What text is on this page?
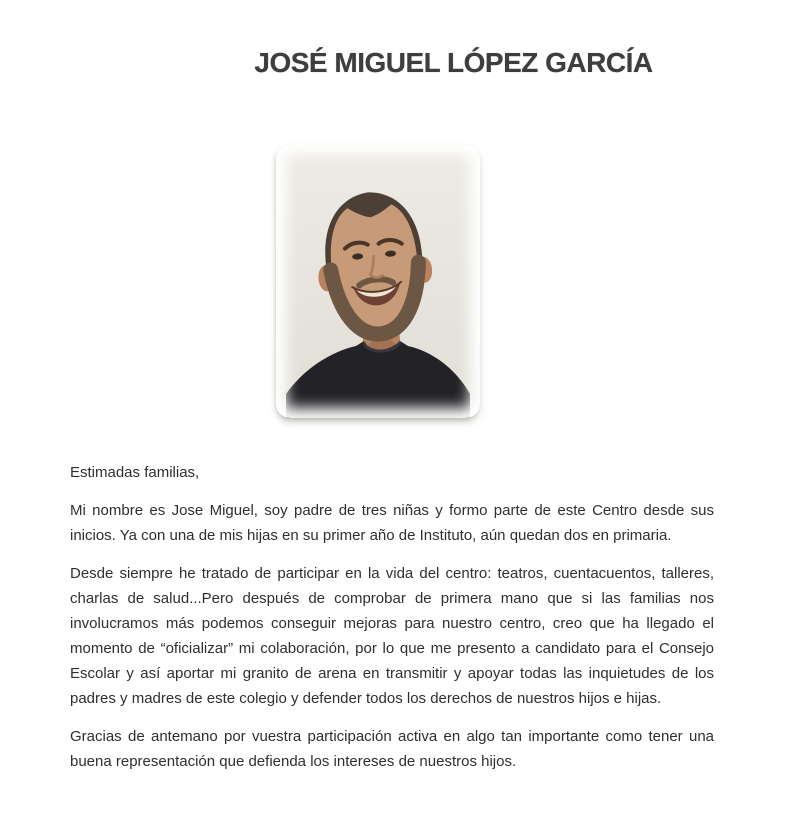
JOSÉ MIGUEL LÓPEZ GARCÍA

Estimadas familias,

Mi nombre es Jose Miguel, soy padre de tres niñas y formo parte de este Centro desde sus
inicios. Ya con una de mis hijas en su primer año de Instituto, aún quedan dos en primaria.

Desde siempre he tratado de participar en la vida del centro: teatros, cuentacuentos, talleres,
charlas de salud...Pero después de comprobar de primera mano que si las familias nos
involucramos más podemos conseguir mejoras para nuestro centro, creo que ha llegado el
momento de “oficializar” mi colaboración, por lo que me presento a candidato para el Consejo
Escolar y así aportar mi granito de arena en transmitir y apoyar todas las inquietudes de los
padres y madres de este colegio y defender todos los derechos de nuestros hijos e hijas.

Gracias de antemano por vuestra participación activa en algo tan importante como tener una
buena representación que defienda los intereses de nuestros hijos.
